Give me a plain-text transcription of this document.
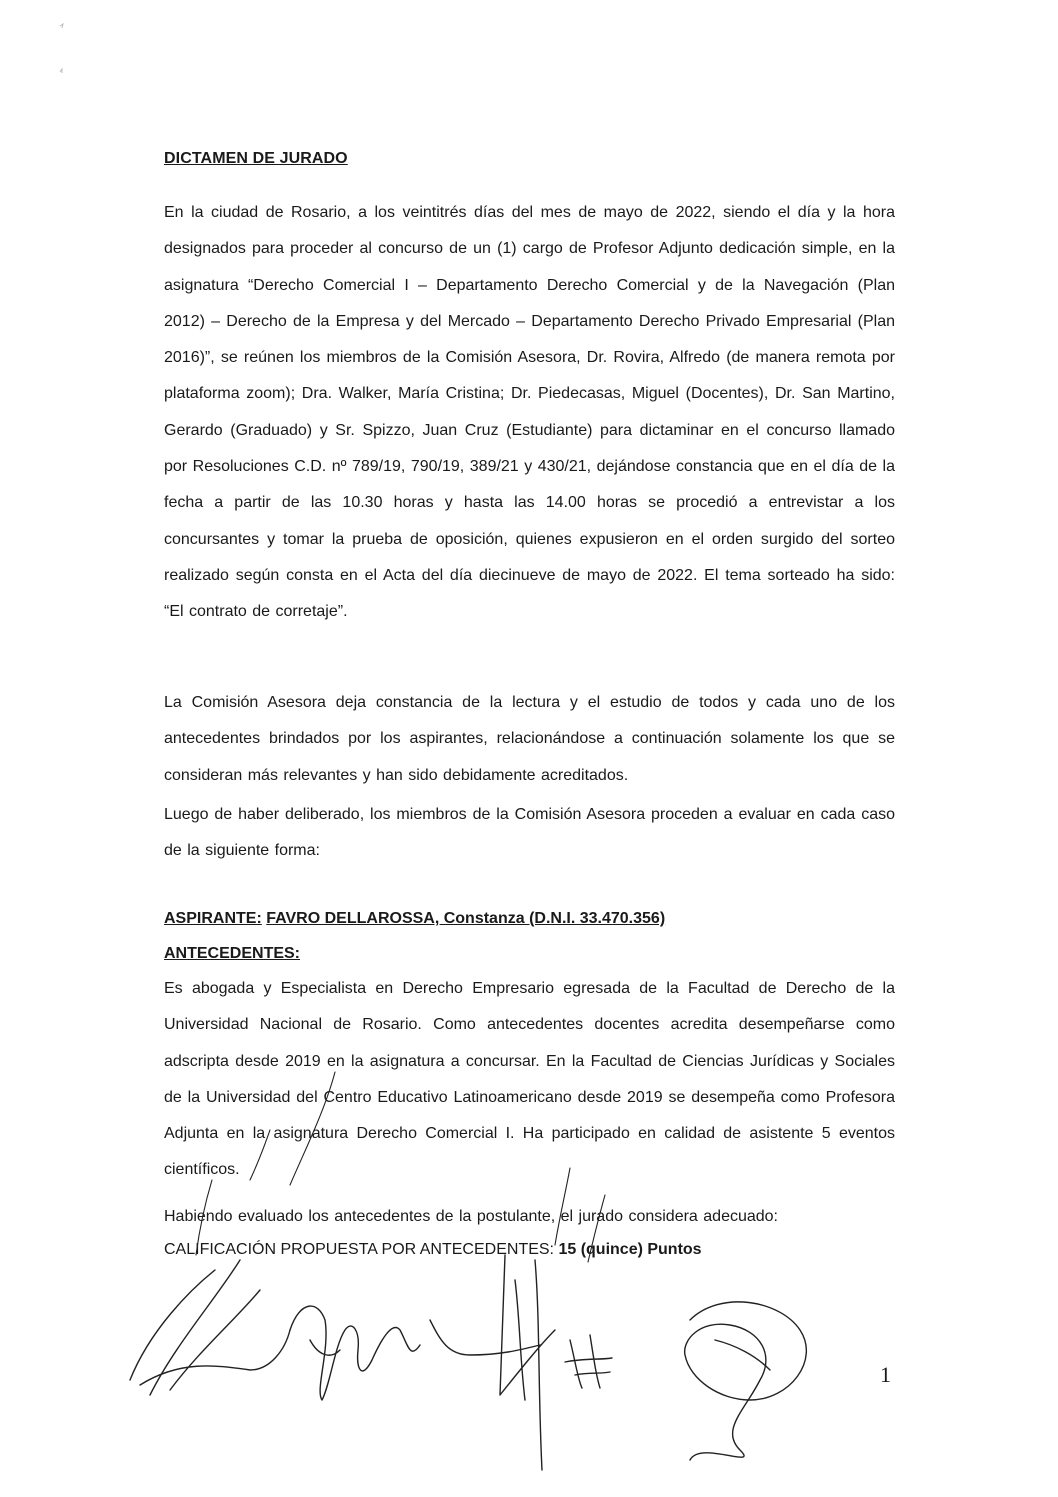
DICTAMEN DE JURADO
En la ciudad de Rosario, a los veintitrés días del mes de mayo de 2022, siendo el día y la hora designados para proceder al concurso de un (1) cargo de Profesor Adjunto dedicación simple, en la asignatura “Derecho Comercial I – Departamento Derecho Comercial y de la Navegación (Plan 2012) – Derecho de la Empresa y del Mercado – Departamento Derecho Privado Empresarial (Plan 2016)”, se reúnen los miembros de la Comisión Asesora, Dr. Rovira, Alfredo (de manera remota por plataforma zoom); Dra. Walker, María Cristina; Dr. Piedecasas, Miguel (Docentes), Dr. San Martino, Gerardo (Graduado) y Sr. Spizzo, Juan Cruz (Estudiante) para dictaminar en el concurso llamado por Resoluciones C.D. nº 789/19, 790/19, 389/21 y 430/21, dejándose constancia que en el día de la fecha a partir de las 10.30 horas y hasta las 14.00 horas se procedió a entrevistar a los concursantes y tomar la prueba de oposición, quienes expusieron en el orden surgido del sorteo realizado según consta en el Acta del día diecinueve de mayo de 2022. El tema sorteado ha sido: “El contrato de corretaje”.
La Comisión Asesora deja constancia de la lectura y el estudio de todos y cada uno de los antecedentes brindados por los aspirantes, relacionándose a continuación solamente los que se consideran más relevantes y han sido debidamente acreditados.
Luego de haber deliberado, los miembros de la Comisión Asesora proceden a evaluar en cada caso de la siguiente forma:
ASPIRANTE: FAVRO DELLAROSSA, Constanza (D.N.I. 33.470.356)
ANTECEDENTES:
Es abogada y Especialista en Derecho Empresario egresada de la Facultad de Derecho de la Universidad Nacional de Rosario. Como antecedentes docentes acredita desempeñarse como adscripta desde 2019 en la asignatura a concursar. En la Facultad de Ciencias Jurídicas y Sociales de la Universidad del Centro Educativo Latinoamericano desde 2019 se desempeña como Profesora Adjunta en la asignatura Derecho Comercial I. Ha participado en calidad de asistente 5 eventos científicos.
Habiendo evaluado los antecedentes de la postulante, el jurado considera adecuado:
CALIFICACIÓN PROPUESTA POR ANTECEDENTES: 15 (quince) Puntos
1
